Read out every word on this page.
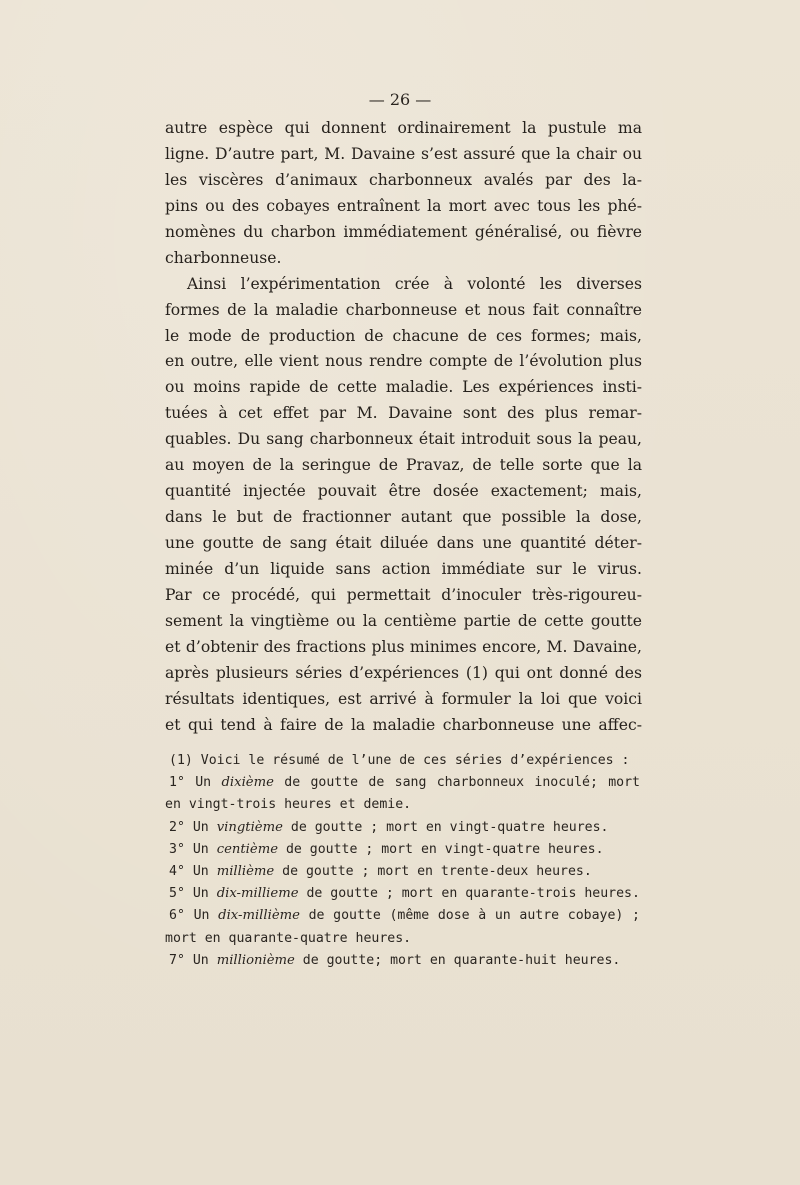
— 26 —
autre espèce qui donnent ordinairement la pustule ma
ligne. D’autre part, M. Davaine s’est assuré que la chair ou
les viscères d’animaux charbonneux avalés par des la-
pins ou des cobayes entraînent la mort avec tous les phé-
nomènes du charbon immédiatement généralisé, ou fièvre
charbonneuse.
Ainsi l’expérimentation crée à volonté les diverses
formes de la maladie charbonneuse et nous fait connaître
le mode de production de chacune de ces formes; mais,
en outre, elle vient nous rendre compte de l’évolution plus
ou moins rapide de cette maladie. Les expériences insti-
tuées à cet effet par M. Davaine sont des plus remar-
quables. Du sang charbonneux était introduit sous la peau,
au moyen de la seringue de Pravaz, de telle sorte que la
quantité injectée pouvait être dosée exactement; mais,
dans le but de fractionner autant que possible la dose,
une goutte de sang était diluée dans une quantité déter-
minée d’un liquide sans action immédiate sur le virus.
Par ce procédé, qui permettait d’inoculer très-rigoureu-
sement la vingtième ou la centième partie de cette goutte
et d’obtenir des fractions plus minimes encore, M. Davaine,
après plusieurs séries d’expériences (1) qui ont donné des
résultats identiques, est arrivé à formuler la loi que voici
et qui tend à faire de la maladie charbonneuse une affec-
(1) Voici le résumé de l’une de ces séries d’expériences :
1° Un dixième de goutte de sang charbonneux inoculé; mort
en vingt-trois heures et demie.
2° Un vingtième de goutte ; mort en vingt-quatre heures.
3° Un centième de goutte ; mort en vingt-quatre heures.
4° Un millième de goutte ; mort en trente-deux heures.
5° Un dix-millieme de goutte ; mort en quarante-trois heures.
6° Un dix-millième de goutte (même dose à un autre cobaye) ;
mort en quarante-quatre heures.
7° Un millionième de goutte; mort en quarante-huit heures.
